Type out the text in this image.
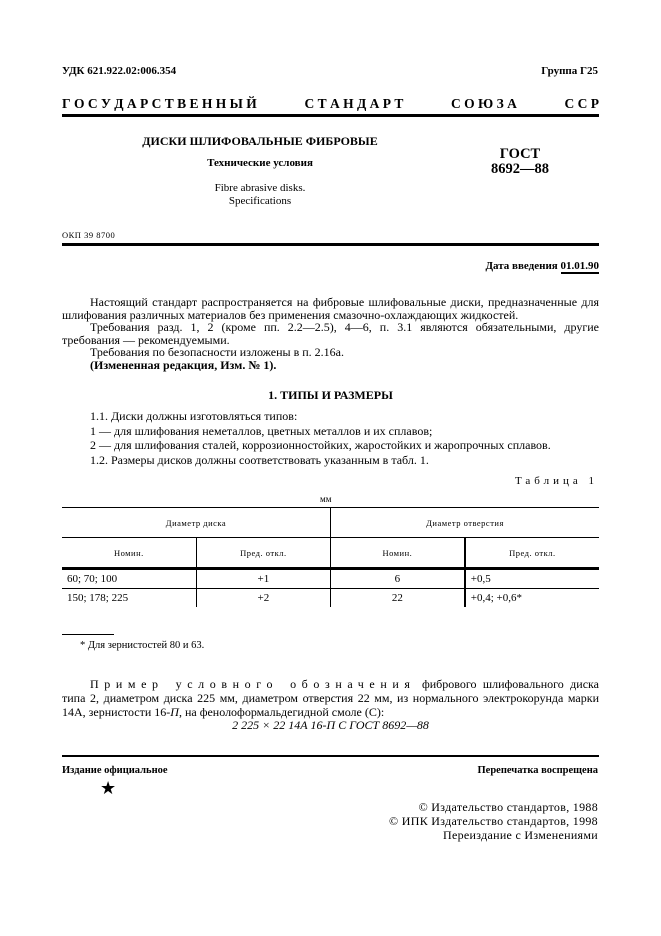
УДК 621.922.02:006.354	Группа Г25
Г О С У Д А Р С Т В Е Н Н Ы Й	С Т А Н Д А Р Т	С О Ю З А	С С Р
ДИСКИ ШЛИФОВАЛЬНЫЕ ФИБРОВЫЕ
Технические условия
Fibre abrasive disks.
Specifications
ГОСТ
8692—88
ОКП 39 8700
Дата введения 01.01.90

Настоящий стандарт распространяется на фибровые шлифовальные диски, предназначенные для шлифования различных материалов без применения смазочно-охлаждающих жидкостей.

Требования разд. 1, 2 (кроме пп. 2.2—2.5), 4—6, п. 3.1 являются обязательными, другие требования — рекомендуемыми.

Требования по безопасности изложены в п. 2.16а.

(Измененная редакция, Изм. № 1).

1. ТИПЫ И РАЗМЕРЫ
1.1. Диски должны изготовляться типов:
1 — для шлифования неметаллов, цветных металлов и их сплавов;
2 — для шлифования сталей, коррозионностойких, жаростойких и жаропрочных сплавов.
1.2. Размеры дисков должны соответствовать указанным в табл. 1.
Таблица 1
мм
Диаметр диска		Диаметр отверстия	
Номин.	Пред. откл.	Номин.	Пред. откл.
60; 70; 100	+1	6	+0,5
150; 178; 225	+2	22	+0,4; +0,6*
* Для зернистостей 80 и 63.

Пример условного обозначения фибрового шлифовального диска типа 2, диаметром диска 225 мм, диаметром отверстия 22 мм, из нормального электрокорунда марки 14А, зернистости 16-П, на фенолоформальдегидной смоле (С):

2 225 × 22 14А 16-П С ГОСТ 8692—88
Издание официальное	Перепечатка воспрещена
★
© Издательство стандартов, 1988
© ИПК Издательство стандартов, 1998
Переиздание с Изменениями
